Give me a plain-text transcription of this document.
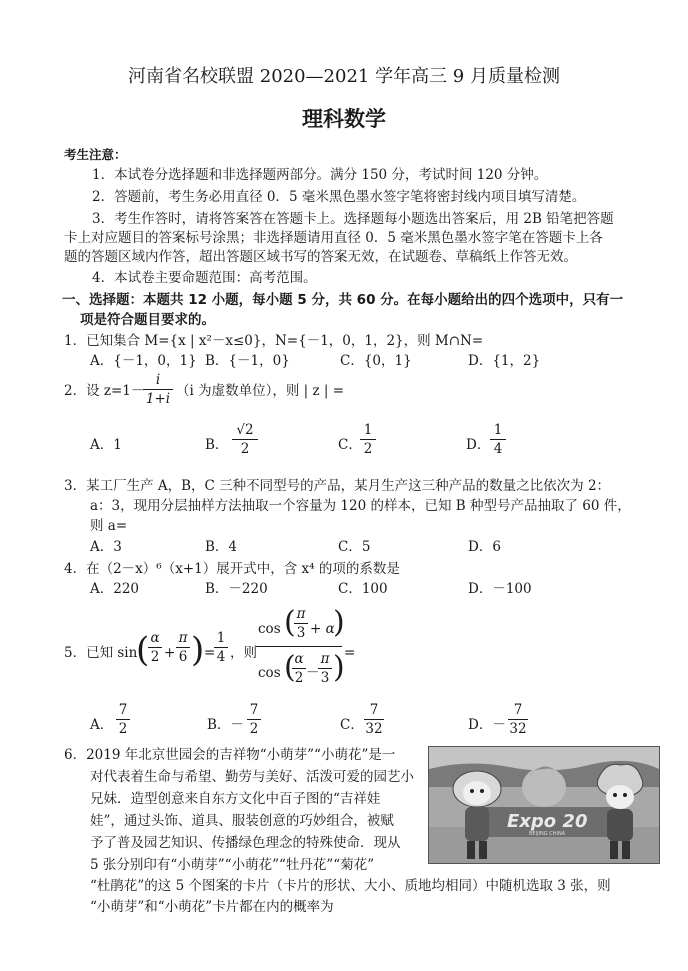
河南省名校联盟 2020—2021 学年高三 9 月质量检测
理科数学
考生注意：
1．本试卷分选择题和非选择题两部分。满分 150 分，考试时间 120 分钟。
2．答题前，考生务必用直径 0．5 毫米黑色墨水签字笔将密封线内项目填写清楚。
3．考生作答时，请将答案答在答题卡上。选择题每小题选出答案后，用 2B 铅笔把答题
卡上对应题目的答案标号涂黑；非选择题请用直径 0．5 毫米黑色墨水签字笔在答题卡上各
题的答题区域内作答，超出答题区域书写的答案无效，在试题卷、草稿纸上作答无效。
4．本试卷主要命题范围：高考范围。
一、选择题：本题共 12 小题，每小题 5 分，共 60 分。在每小题给出的四个选项中，只有一
项是符合题目要求的。
1．已知集合 M={x | x²－x≤0}，N={－1，0，1，2}，则 M∩N=
A．{－1，0，1} B．{－1，0}	C．{0，1}	D．{1，2}
2．设 z=1－
i
1+i （i 为虚数单位），则 | z | =
A．1	B．
√2
2	C．
1
2	D．
1
4
3．某工厂生产 A，B，C 三种不同型号的产品，某月生产这三种产品的数量之比依次为 2：
a：3，现用分层抽样方法抽取一个容量为 120 的样本，已知 B 种型号产品抽取了 60 件，
则 a=
A．3	B．4	C．5	D．6
4．在（2－x）⁶（x+1）展开式中，含 x⁴ 的项的系数是
A．220	B．－220	C．100	D．－100
5．已知 sin
( α
2 +
π
6 ) =
1
4 ，则
cos ( π
3 + α
)
cos (
α
2 －
π
3 ) =
A．
7
2	B．－
7
2	C．
7
32	D．－
7
32
6．2019 年北京世园会的吉祥物“小萌芽”“小萌花”是一
对代表着生命与希望、勤劳与美好、活泼可爱的园艺小
兄妹．造型创意来自东方文化中百子图的“吉祥娃
娃”，通过头饰、道具、服装创意的巧妙组合，被赋
予了普及园艺知识、传播绿色理念的特殊使命．现从
5 张分别印有“小萌芽”“小萌花”“牡丹花”“菊花”
“杜鹃花”的这 5 个图案的卡片（卡片的形状、大小、质地均相同）中随机选取 3 张，则
“小萌芽”和“小萌花”卡片都在内的概率为
Expo 20
BEIJING CHINA
